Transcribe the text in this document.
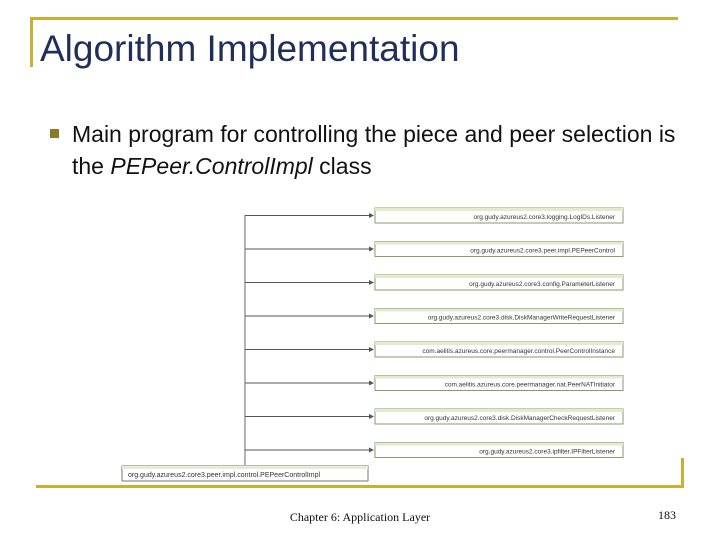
Algorithm Implementation
Main program for controlling the piece and peer selection is the PEPeer.ControlImpl class
org.gudy.azureus2.core3.logging.LogIDs.Listener
org.gudy.azureus2.core3.peer.impl.PEPeerControl
org.gudy.azureus2.core3.config.ParameterListener
org.gudy.azureus2.core3.disk.DiskManagerWriteRequestListener
com.aelitis.azureus.core.peermanager.control.PeerControlInstance
com.aelitis.azureus.core.peermanager.nat.PeerNATInitiator
org.gudy.azureus2.core3.disk.DiskManagerCheckRequestListener
org.gudy.azureus2.core3.ipfilter.IPFilterListener
org.gudy.azureus2.core3.peer.impl.control.PEPeerControlImpl
Chapter 6: Application Layer	183
